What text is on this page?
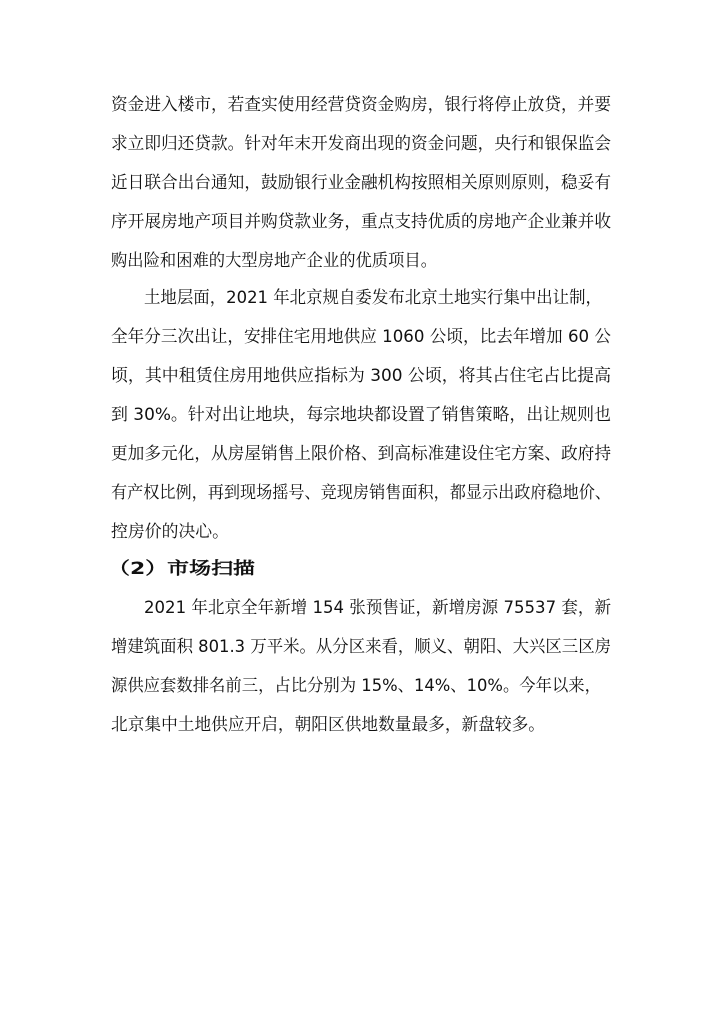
资金进入楼市，若查实使用经营贷资金购房，银行将停止放贷，并要
求立即归还贷款。针对年末开发商出现的资金问题，央行和银保监会
近日联合出台通知，鼓励银行业金融机构按照相关原则原则，稳妥有
序开展房地产项目并购贷款业务，重点支持优质的房地产企业兼并收
购出险和困难的大型房地产企业的优质项目。
土地层面，2021 年北京规自委发布北京土地实行集中出让制，
全年分三次出让，安排住宅用地供应 1060 公顷，比去年增加 60 公
顷，其中租赁住房用地供应指标为 300 公顷，将其占住宅占比提高
到 30%。针对出让地块，每宗地块都设置了销售策略，出让规则也
更加多元化，从房屋销售上限价格、到高标准建设住宅方案、政府持
有产权比例，再到现场摇号、竞现房销售面积，都显示出政府稳地价、
控房价的决心。
（2）市场扫描
2021 年北京全年新增 154 张预售证，新增房源 75537 套，新
增建筑面积 801.3 万平米。从分区来看，顺义、朝阳、大兴区三区房
源供应套数排名前三，占比分别为 15%、14%、10%。今年以来，
北京集中土地供应开启，朝阳区供地数量最多，新盘较多。
